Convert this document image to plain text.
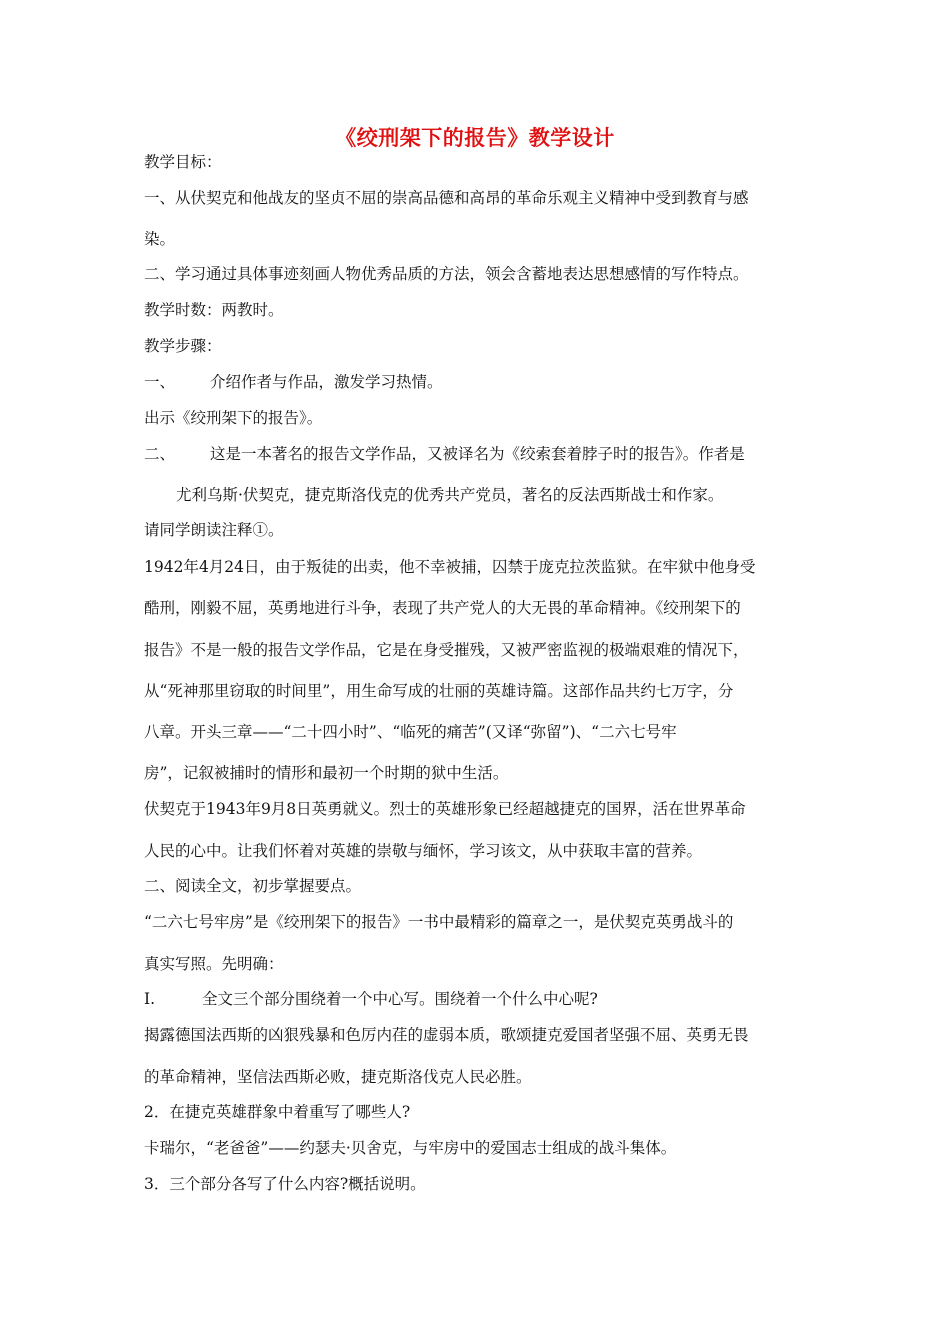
《绞刑架下的报告》教学设计
教学目标：
一、从伏契克和他战友的坚贞不屈的崇高品德和高昂的革命乐观主义精神中受到教育与感
染。
二、学习通过具体事迹刻画人物优秀品质的方法，领会含蓄地表达思想感情的写作特点。
教学时数：两教时。
教学步骤：
一、 介绍作者与作品，激发学习热情。
出示《绞刑架下的报告》。
二、 这是一本著名的报告文学作品，又被译名为《绞索套着脖子时的报告》。作者是
尤利乌斯·伏契克，捷克斯洛伐克的优秀共产党员，著名的反法西斯战士和作家。
请同学朗读注释①。
1942年4月24日，由于叛徒的出卖，他不幸被捕，囚禁于庞克拉茨监狱。在牢狱中他身受
酷刑，刚毅不屈，英勇地进行斗争，表现了共产党人的大无畏的革命精神。《绞刑架下的
报告》不是一般的报告文学作品，它是在身受摧残，又被严密监视的极端艰难的情况下，
从“死神那里窃取的时间里”，用生命写成的壮丽的英雄诗篇。这部作品共约七万字，分
八章。开头三章——“二十四小时”、“临死的痛苦”(又译“弥留”)、“二六七号牢
房”，记叙被捕时的情形和最初一个时期的狱中生活。
伏契克于1943年9月8日英勇就义。烈士的英雄形象已经超越捷克的国界，活在世界革命
人民的心中。让我们怀着对英雄的崇敬与缅怀，学习该文，从中获取丰富的营养。
二、阅读全文，初步掌握要点。
“二六七号牢房”是《绞刑架下的报告》一书中最精彩的篇章之一，是伏契克英勇战斗的
真实写照。先明确：
I.	全文三个部分围绕着一个中心写。围绕着一个什么中心呢?
揭露德国法西斯的凶狠残暴和色厉内荏的虚弱本质，歌颂捷克爱国者坚强不屈、英勇无畏
的革命精神，坚信法西斯必败，捷克斯洛伐克人民必胜。
2．在捷克英雄群象中着重写了哪些人?
卡瑞尔，“老爸爸”——约瑟夫·贝舍克，与牢房中的爱国志士组成的战斗集体。
3．三个部分各写了什么内容?概括说明。
